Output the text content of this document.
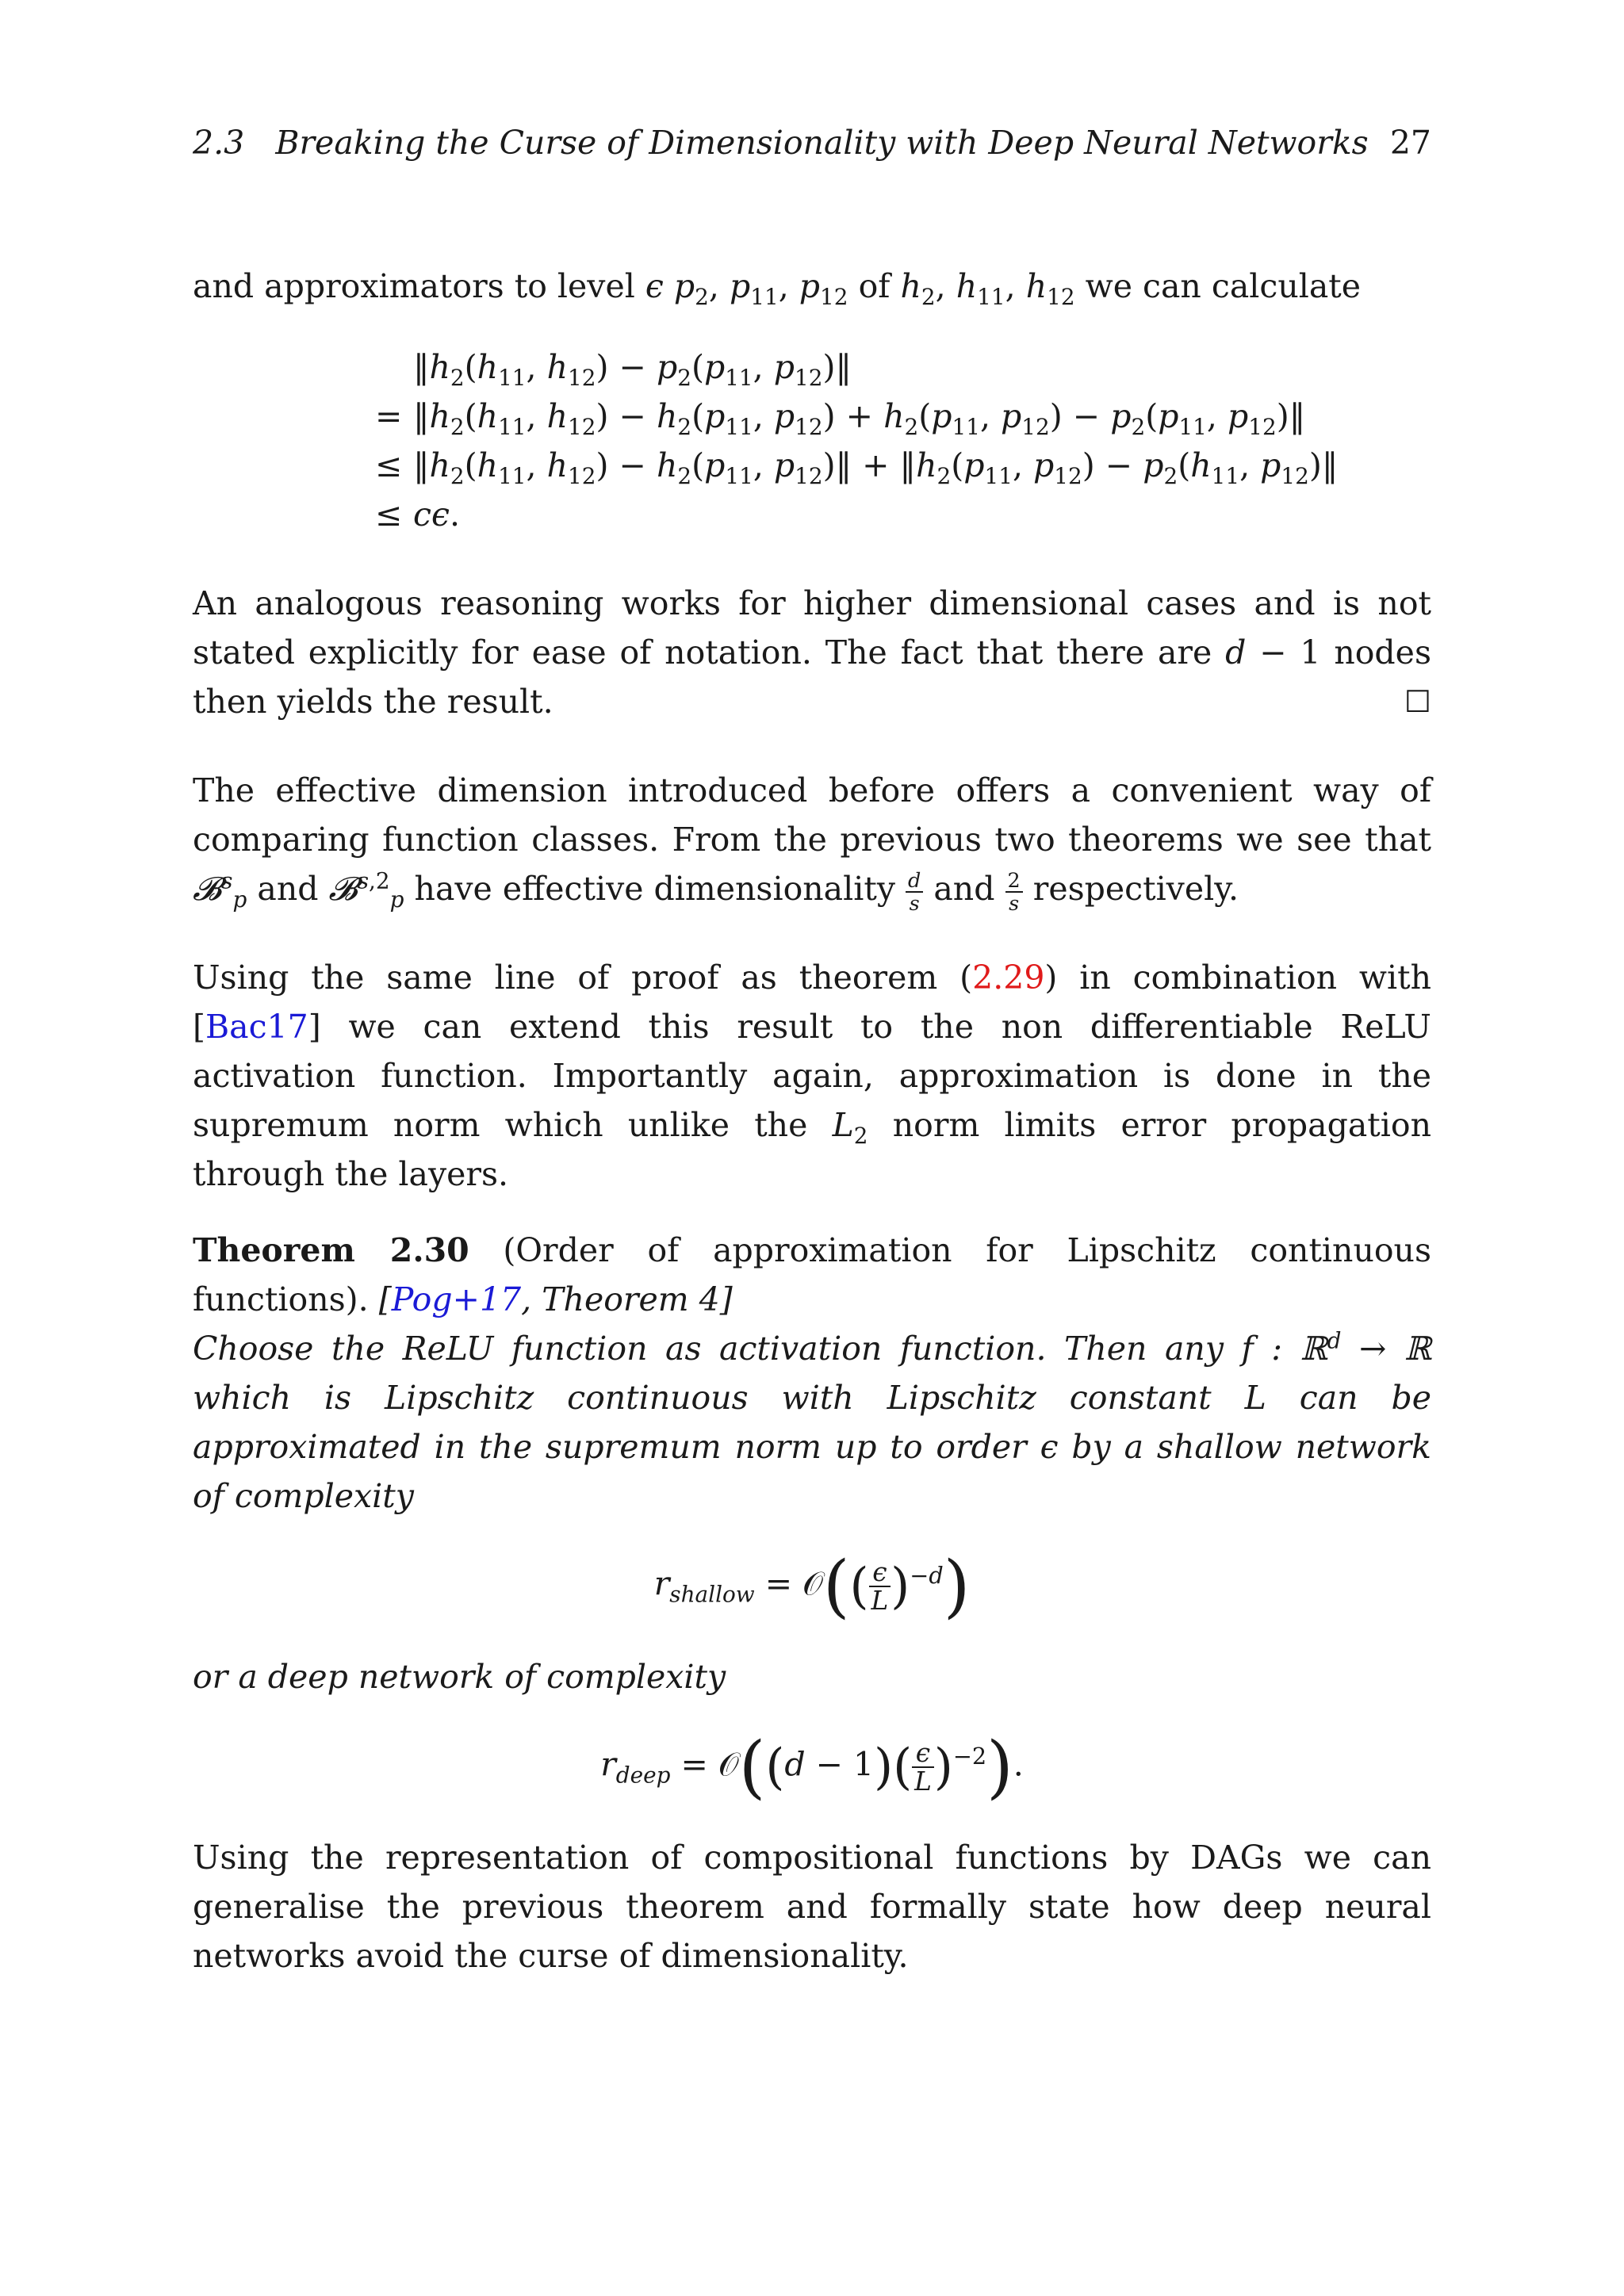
2.3 Breaking the Curse of Dimensionality with Deep Neural Networks 27

and approximators to level ϵ $p_2$, $p_{11}$, $p_{12}$ of $h_2$, $h_{11}$, $h_{12}$ we can calculate

$‖h_2(h_{11}$, $h_{12}) - p_2(p_{11}$, $p_{12})‖$
= $‖h_2(h_{11}$, $h_{12}) - h_2(p_{11}$, $p_{12}) + h_2(p_{11}$, $p_{12}) - p_2(p_{11}$, $p_{12})‖$
≤ $‖h_2(h_{11}$, $h_{12}) - h_2(p_{11}$, $p_{12})‖$ + $‖h_2(p_{11}$, $p_{12}) - p_2(h_{11}$, $p_{12})‖$
≤ cϵ.

An analogous reasoning works for higher dimensional cases and is not stated explicitly for ease of notation. The fact that there are d − 1 nodes then yields the result.	☐

The effective dimension introduced before offers a convenient way of comparing function classes. From the previous two theorems we see that 𝓑$^s_p$ and 𝓑$^{s,2}_p$ have effective dimensionality $\frac{d}{s}$ and $\frac{2}{s}$ respectively.

Using the same line of proof as theorem (2.29) in combination with [Bac17] we can extend this result to the non differentiable ReLU activation function. Importantly again, approximation is done in the supremum norm which unlike the $L_2$ norm limits error propagation through the layers.

Theorem 2.30 (Order of approximation for Lipschitz continuous functions). [Pog+17, Theorem 4]

Choose the ReLU function as activation function. Then any f : ℝ$^d$ → ℝ which is Lipschitz continuous with Lipschitz constant L can be approximated in the supremum norm up to order ϵ by a shallow network of complexity

$r_{shallow}$ = 𝒪(( $\frac{\epsilon}{L} )^{-d}$)

or a deep network of complexity

$r_{deep}$ = 𝒪((d − $1)( \frac{\epsilon}{L} )^{-2}$).

Using the representation of compositional functions by DAGs we can generalise the previous theorem and formally state how deep neural networks avoid the curse of dimensionality.
